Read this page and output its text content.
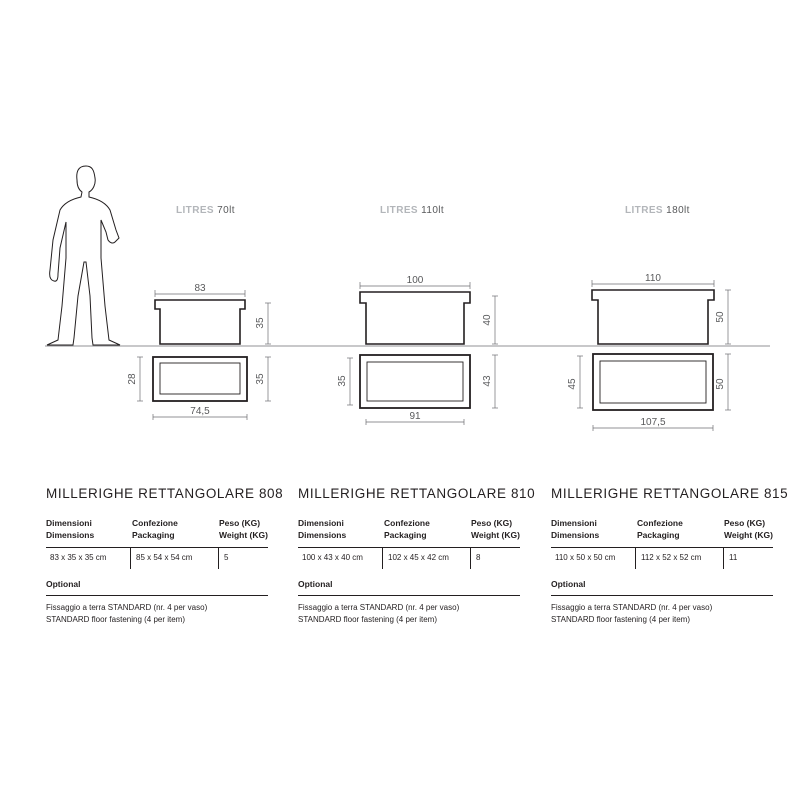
83
35
28	35
74,5
100
40
35	43
91
110
50
45	50
107,5
LITRES 70lt	LITRES 110lt	LITRES 180lt
MILLERIGHE RETTANGOLARE 808
Dimensioni
Dimensions
Confezione
Packaging
Peso (KG)
Weight (KG)
83 x 35 x 35 cm	85 x 54 x 54 cm	5
Optional
Fissaggio a terra STANDARD (nr. 4 per vaso)
STANDARD floor fastening (4 per item)
MILLERIGHE RETTANGOLARE 810
Dimensioni
Dimensions
Confezione
Packaging
Peso (KG)
Weight (KG)
100 x 43 x 40 cm	102 x 45 x 42 cm	8
Optional
Fissaggio a terra STANDARD (nr. 4 per vaso)
STANDARD floor fastening (4 per item)
MILLERIGHE RETTANGOLARE 815
Dimensioni
Dimensions
Confezione
Packaging
Peso (KG)
Weight (KG)
110 x 50 x 50 cm	112 x 52 x 52 cm	11
Optional
Fissaggio a terra STANDARD (nr. 4 per vaso)
STANDARD floor fastening (4 per item)
